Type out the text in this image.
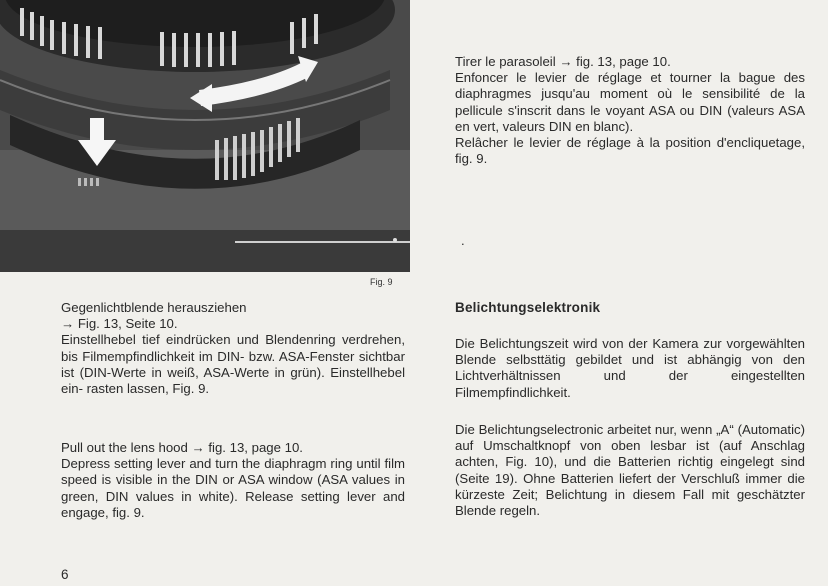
Fig. 9

Gegenlichtblende herausziehen

→ Fig. 13, Seite 10.

Einstellhebel tief eindrücken und Blendenring verdrehen, bis Filmempfindlichkeit im DIN- bzw. ASA-Fenster sichtbar ist (DIN-Werte in weiß, ASA-Werte in grün). Einstellhebel ein- rasten lassen, Fig. 9.

Pull out the lens hood → fig. 13, page 10.

Depress setting lever and turn the diaphragm ring until film speed is visible in the DIN or ASA window (ASA values in green, DIN values in white). Release setting lever and engage, fig. 9.

Tirer le parasoleil → fig. 13, page 10.

Enfoncer le levier de réglage et tourner la bague des diaphragmes jusqu'au moment où le sensibilité de la pellicule s'inscrit dans le voyant ASA ou DIN (valeurs ASA en vert, valeurs DIN en blanc).

Relâcher le levier de réglage à la position d'encliquetage, fig. 9.

.
Belichtungselektronik

Die Belichtungszeit wird von der Kamera zur vorgewählten Blende selbsttätig gebildet und ist abhängig von den Lichtverhältnissen und der eingestellten Filmempfindlichkeit.

Die Belichtungselectronic arbeitet nur, wenn „A“ (Automatic) auf Umschaltknopf von oben lesbar ist (auf Anschlag achten, Fig. 10), und die Batterien richtig eingelegt sind (Seite 19). Ohne Batterien liefert der Verschluß immer die kürzeste Zeit; Belichtung in diesem Fall mit geschätzter Blende regeln.

6
